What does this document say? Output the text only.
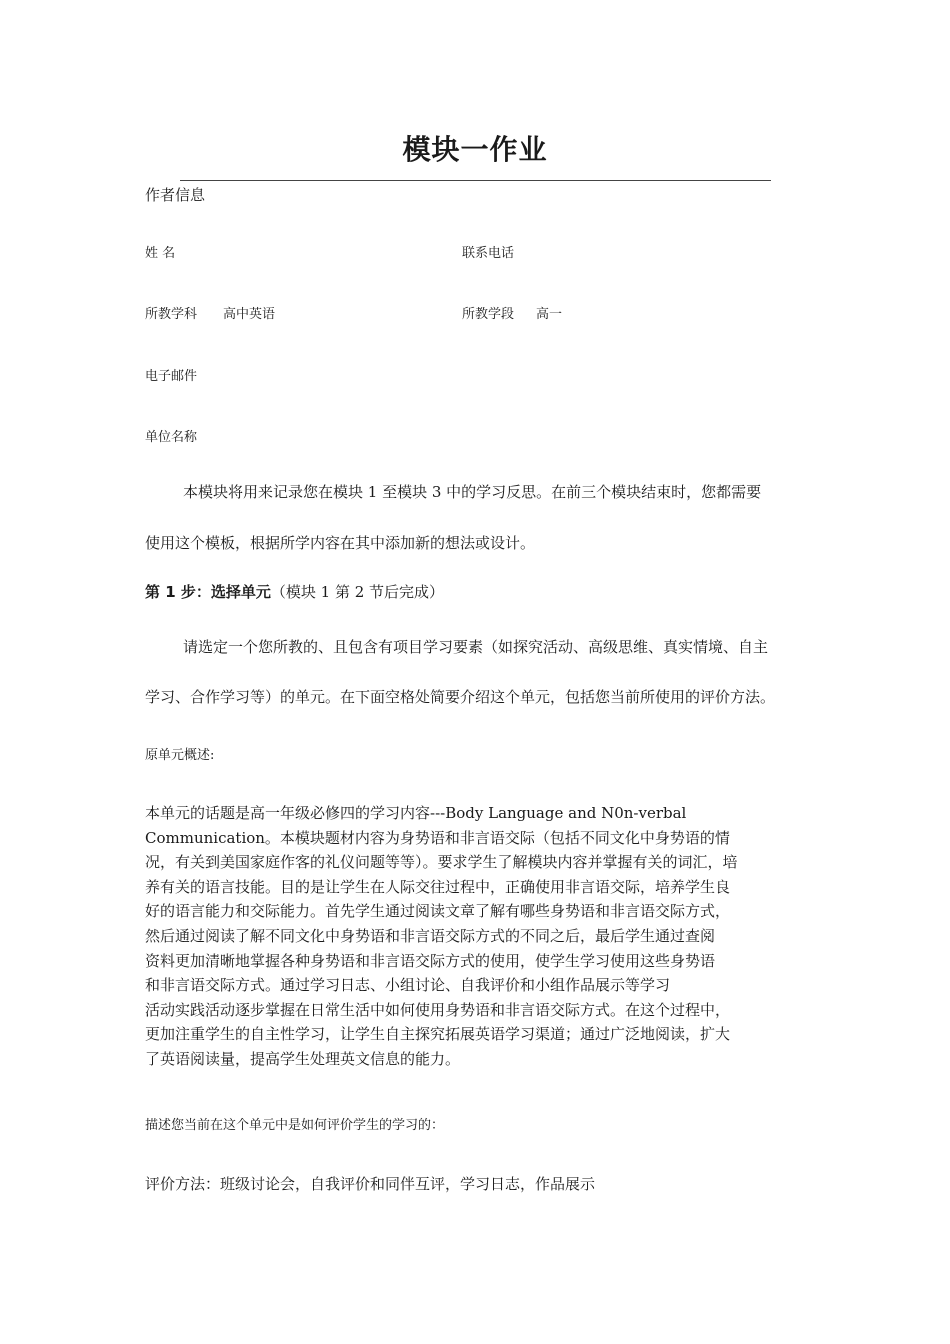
模块一作业
作者信息
姓 名	联系电话
所教学科 高中英语	所教学段 高一
电子邮件
单位名称
本模块将用来记录您在模块 1 至模块 3 中的学习反思。在前三个模块结束时，您都需要
使用这个模板，根据所学内容在其中添加新的想法或设计。
第 1 步：选择单元（模块 1 第 2 节后完成）
请选定一个您所教的、且包含有项目学习要素（如探究活动、高级思维、真实情境、自主
学习、合作学习等）的单元。在下面空格处简要介绍这个单元，包括您当前所使用的评价方法。
原单元概述:
本单元的话题是高一年级必修四的学习内容---Body Language and N0n-verbal
Communication。本模块题材内容为身势语和非言语交际（包括不同文化中身势语的情
况，有关到美国家庭作客的礼仪问题等等）。要求学生了解模块内容并掌握有关的词汇，培
养有关的语言技能。目的是让学生在人际交往过程中，正确使用非言语交际，培养学生良
好的语言能力和交际能力。首先学生通过阅读文章了解有哪些身势语和非言语交际方式，
然后通过阅读了解不同文化中身势语和非言语交际方式的不同之后，最后学生通过查阅
资料更加清晰地掌握各种身势语和非言语交际方式的使用，使学生学习使用这些身势语
和非言语交际方式。通过学习日志、小组讨论、自我评价和小组作品展示等学习
活动实践活动逐步掌握在日常生活中如何使用身势语和非言语交际方式。在这个过程中，
更加注重学生的自主性学习，让学生自主探究拓展英语学习渠道；通过广泛地阅读，扩大
了英语阅读量，提高学生处理英文信息的能力。
描述您当前在这个单元中是如何评价学生的学习的：
评价方法：班级讨论会，自我评价和同伴互评，学习日志，作品展示
